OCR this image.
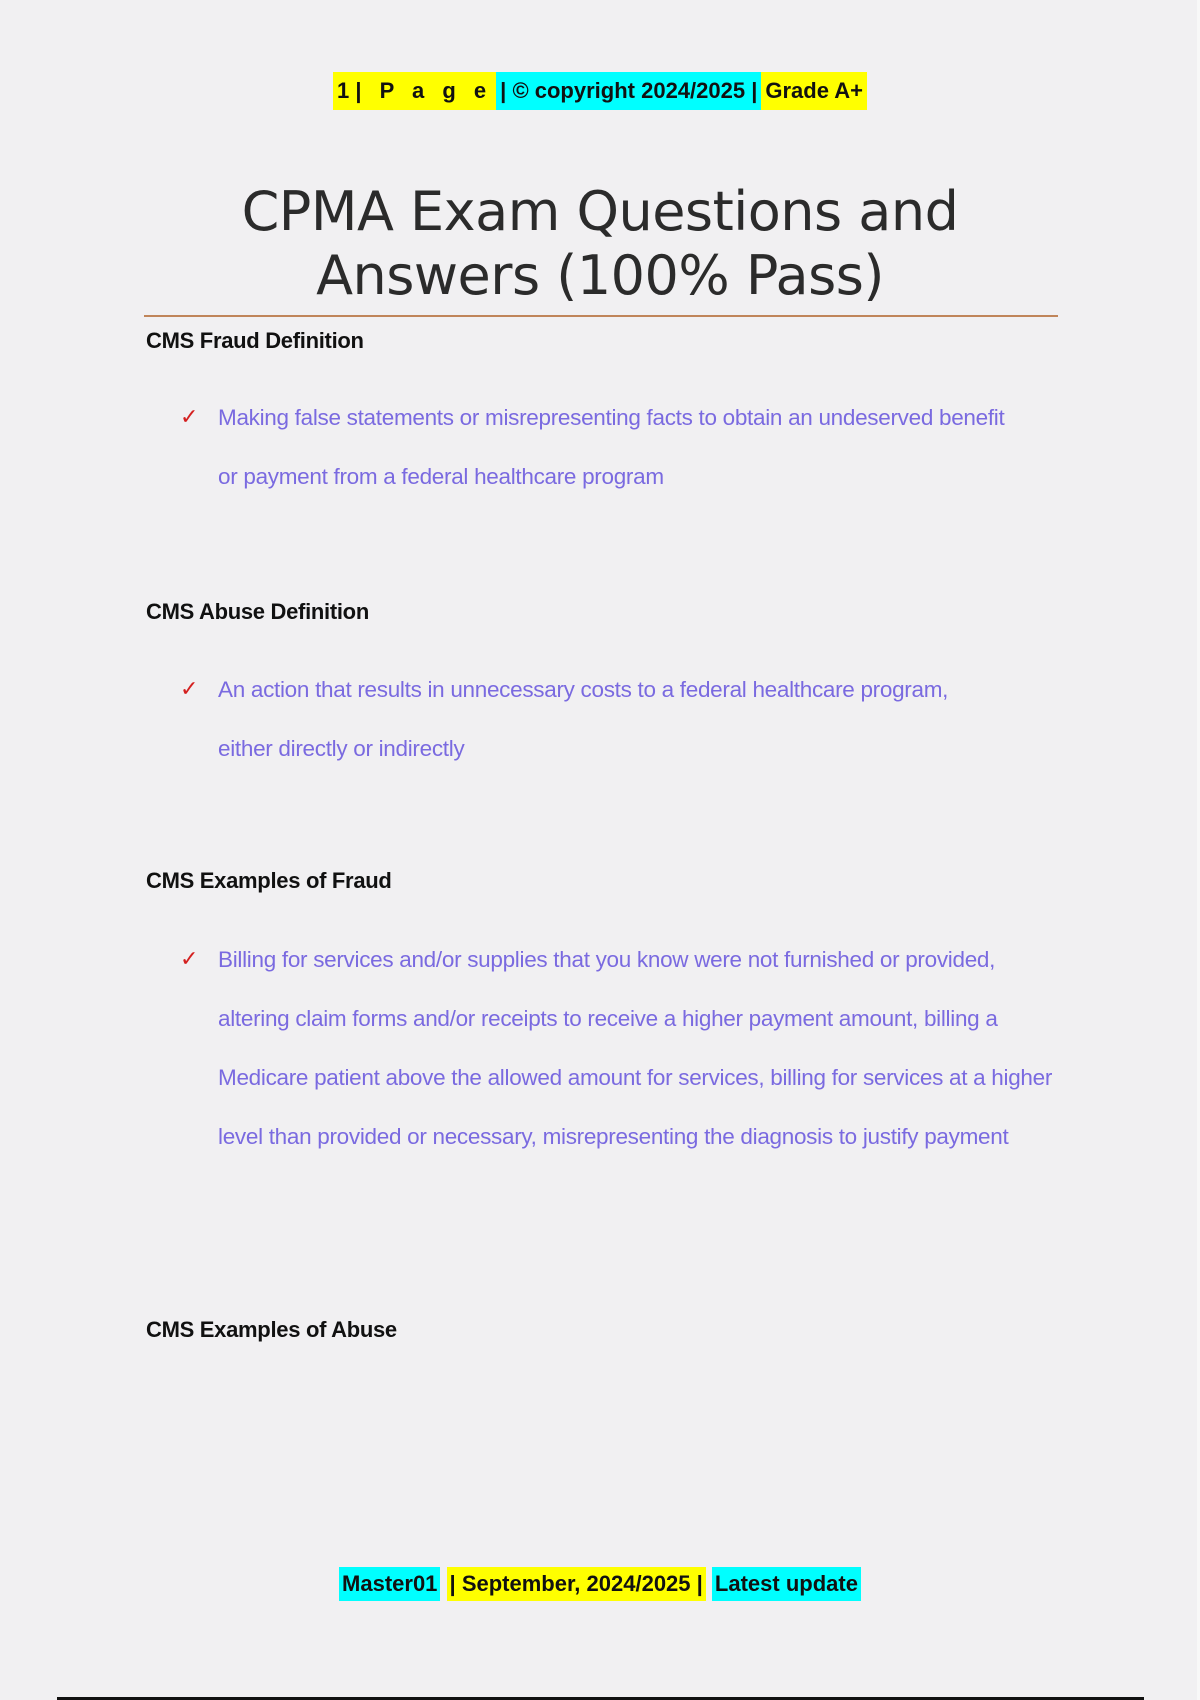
1 | P a g e | © copyright 2024/2025 | Grade A+
CPMA Exam Questions and
Answers (100% Pass)
CMS Fraud Definition
✓ Making false statements or misrepresenting facts to obtain an undeserved benefit or payment from a federal healthcare program
CMS Abuse Definition
✓ An action that results in unnecessary costs to a federal healthcare program, either directly or indirectly
CMS Examples of Fraud
✓ Billing for services and/or supplies that you know were not furnished or provided, altering claim forms and/or receipts to receive a higher payment amount, billing a Medicare patient above the allowed amount for services, billing for services at a higher level than provided or necessary, misrepresenting the diagnosis to justify payment
CMS Examples of Abuse
Master01 | September, 2024/2025 | Latest update
